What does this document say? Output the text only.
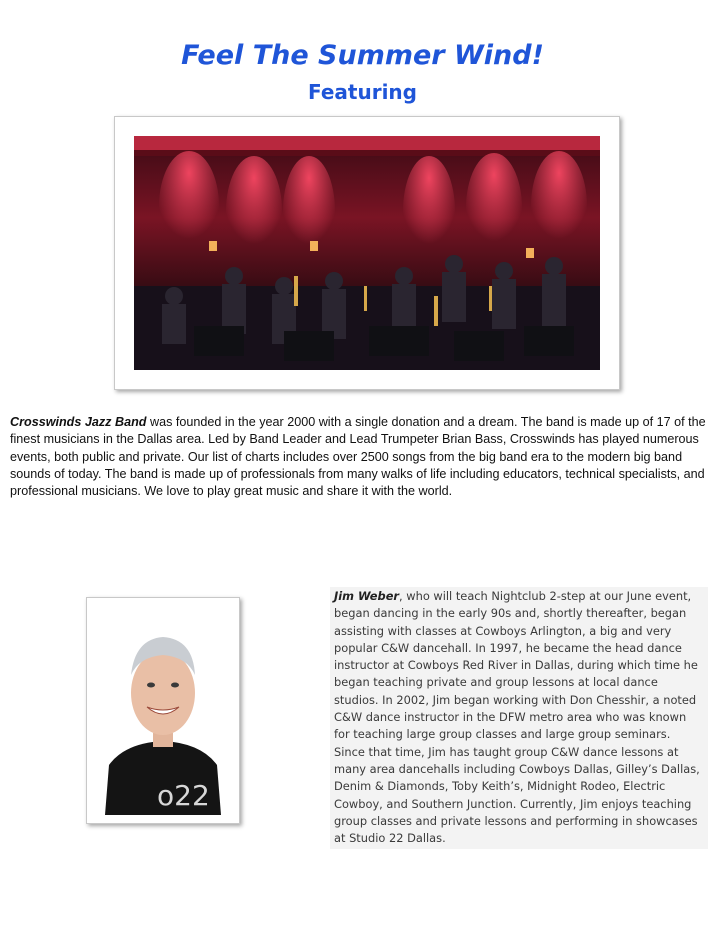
Feel The Summer Wind!
Featuring

Crosswinds Jazz Band was founded in the year 2000 with a single donation and a dream. The band is made up of 17 of the finest musicians in the Dallas area. Led by Band Leader and Lead Trumpeter Brian Bass, Crosswinds has played numerous events, both public and private. Our list of charts includes over 2500 songs from the big band era to the modern big band sounds of today. The band is made up of professionals from many walks of life including educators, technical specialists, and professional musicians. We love to play great music and share it with the world.

o22
Jim Weber, who will teach Nightclub 2-step at our June event, began dancing in the early 90s and, shortly thereafter, began assisting with classes at Cowboys Arlington, a big and very popular C&W dancehall. In 1997, he became the head dance instructor at Cowboys Red River in Dallas, during which time he began teaching private and group lessons at local dance studios. In 2002, Jim began working with Don Chesshir, a noted C&W dance instructor in the DFW metro area who was known for teaching large group classes and large group seminars. Since that time, Jim has taught group C&W dance lessons at many area dancehalls including Cowboys Dallas, Gilley’s Dallas, Denim & Diamonds, Toby Keith’s, Midnight Rodeo, Electric Cowboy, and Southern Junction. Currently, Jim enjoys teaching group classes and private lessons and performing in showcases at Studio 22 Dallas.
